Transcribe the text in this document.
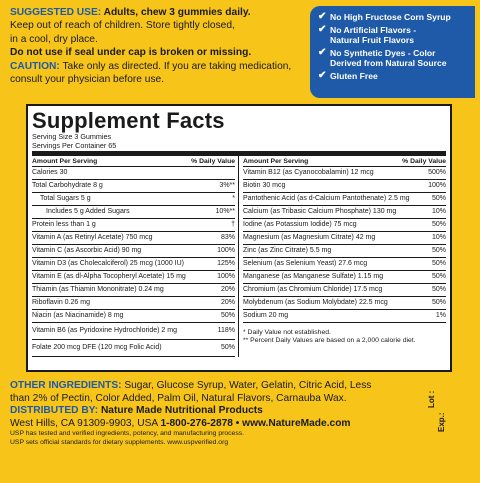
SUGGESTED USE: Adults, chew 3 gummies daily.

Keep out of reach of children. Store tightly closed,

in a cool, dry place.

Do not use if seal under cap is broken or missing.

CAUTION: Take only as directed. If you are taking medication,

consult your physician before use.

✔ No High Fructose Corn Syrup
✔ No Artificial Flavors -
Natural Fruit Flavors
✔ No Synthetic Dyes - Color
Derived from Natural Source
✔ Gluten Free
Supplement Facts
Serving Size 3 Gummies
Servings Per Container 65
Amount Per Serving	% Daily Value
Calories 30
Total Carbohydrate 8 g	3%**
Total Sugars 5 g	*
Includes 5 g Added Sugars	10%**
Protein less than 1 g	†
Vitamin A (as Retinyl Acetate) 750 mcg	83%
Vitamin C (as Ascorbic Acid) 90 mg	100%
Vitamin D3 (as Cholecalciferol) 25 mcg (1000 IU)	125%
Vitamin E (as dl-Alpha Tocopheryl Acetate) 15 mg	100%
Thiamin (as Thiamin Mononitrate) 0.24 mg	20%
Riboflavin 0.26 mg	20%
Niacin (as Niacinamide) 8 mg	50%
Vitamin B6 (as Pyridoxine Hydrochloride) 2 mg	118%
Folate 200 mcg DFE (120 mcg Folic Acid)	50%
Amount Per Serving	% Daily Value
Vitamin B12 (as Cyanocobalamin) 12 mcg	500%
Biotin 30 mcg	100%
Pantothenic Acid (as d-Calcium Pantothenate) 2.5 mg	50%
Calcium (as Tribasic Calcium Phosphate) 130 mg	10%
Iodine (as Potassium Iodide) 75 mcg	50%
Magnesium (as Magnesium Citrate) 42 mg	10%
Zinc (as Zinc Citrate) 5.5 mg	50%
Selenium (as Selenium Yeast) 27.6 mcg	50%
Manganese (as Manganese Sulfate) 1.15 mg	50%
Chromium (as Chromium Chloride) 17.5 mcg	50%
Molybdenum (as Sodium Molybdate) 22.5 mcg	50%
Sodium 20 mg	1%
* Daily Value not established.
** Percent Daily Values are based on a 2,000 calorie diet.

OTHER INGREDIENTS: Sugar, Glucose Syrup, Water, Gelatin, Citric Acid, Less

than 2% of Pectin, Color Added, Palm Oil, Natural Flavors, Carnauba Wax.

DISTRIBUTED BY: Nature Made Nutritional Products

West Hills, CA 91309-9903, USA 1-800-276-2878 • www.NatureMade.com

USP has tested and verified ingredients, potency, and manufacturing process.

USP sets official standards for dietary supplements. www.uspverified.org

Lot :
Exp.:
